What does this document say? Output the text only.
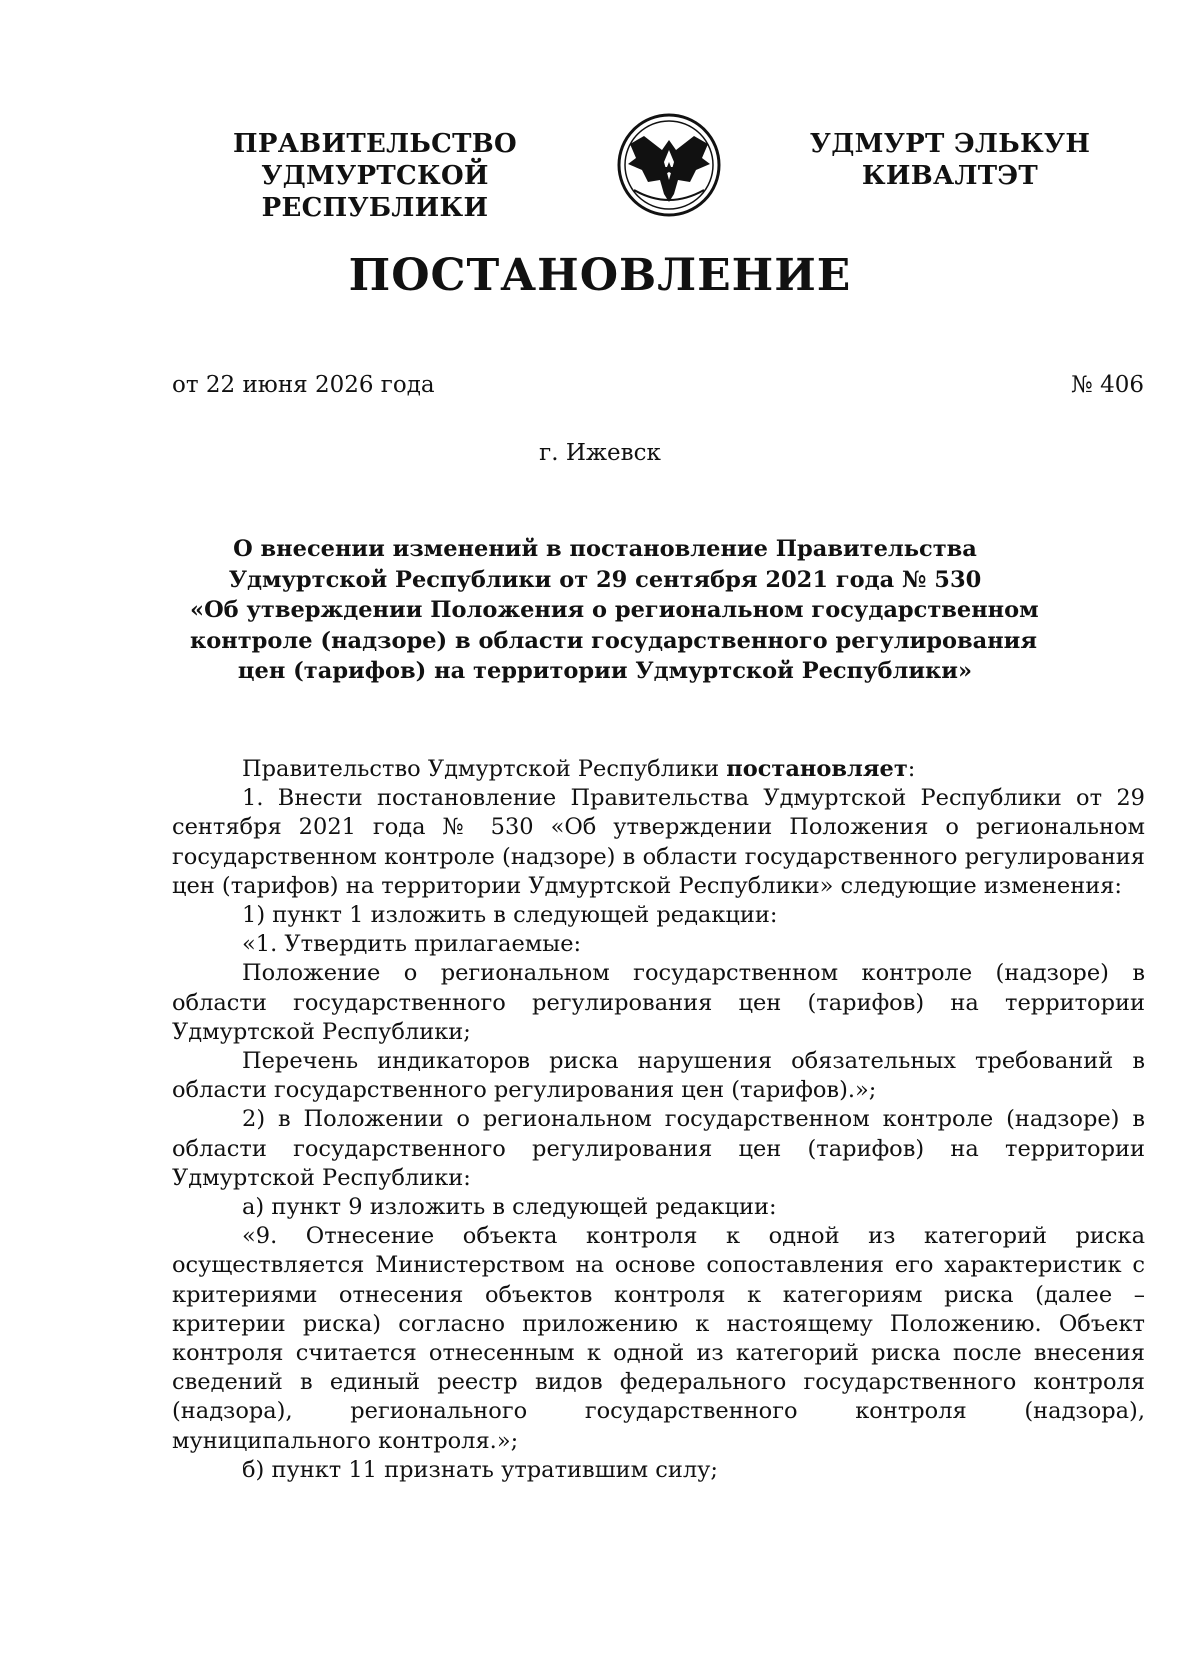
ПРАВИТЕЛЬСТВО
УДМУРТСКОЙ РЕСПУБЛИКИ
УДМУРТ ЭЛЬКУН
КИВАЛТЭТ
ПОСТАНОВЛЕНИЕ
от 22 июня 2026 года	№ 406
г. Ижевск
О внесении изменений в постановление Правительства
Удмуртской Республики от 29 сентября 2021 года № 530
«Об утверждении Положения о региональном государственном
контроле (надзоре) в области государственного регулирования
цен (тарифов) на территории Удмуртской Республики»

Правительство Удмуртской Республики постановляет:

1. Внести постановление Правительства Удмуртской Республики от 29 сентября 2021 года № 530 «Об утверждении Положения о региональном государственном контроле (надзоре) в области государственного регулирования цен (тарифов) на территории Удмуртской Республики» следующие изменения:

1) пункт 1 изложить в следующей редакции:

«1. Утвердить прилагаемые:

Положение о региональном государственном контроле (надзоре) в области государственного регулирования цен (тарифов) на территории Удмуртской Республики;

Перечень индикаторов риска нарушения обязательных требований в области государственного регулирования цен (тарифов).»;

2) в Положении о региональном государственном контроле (надзоре) в области государственного регулирования цен (тарифов) на территории Удмуртской Республики:

а) пункт 9 изложить в следующей редакции:

«9. Отнесение объекта контроля к одной из категорий риска осуществляется Министерством на основе сопоставления его характеристик с критериями отнесения объектов контроля к категориям риска (далее – критерии риска) согласно приложению к настоящему Положению. Объект контроля считается отнесенным к одной из категорий риска после внесения сведений в единый реестр видов федерального государственного контроля (надзора), регионального государственного контроля (надзора), муниципального контроля.»;

б) пункт 11 признать утратившим силу;
